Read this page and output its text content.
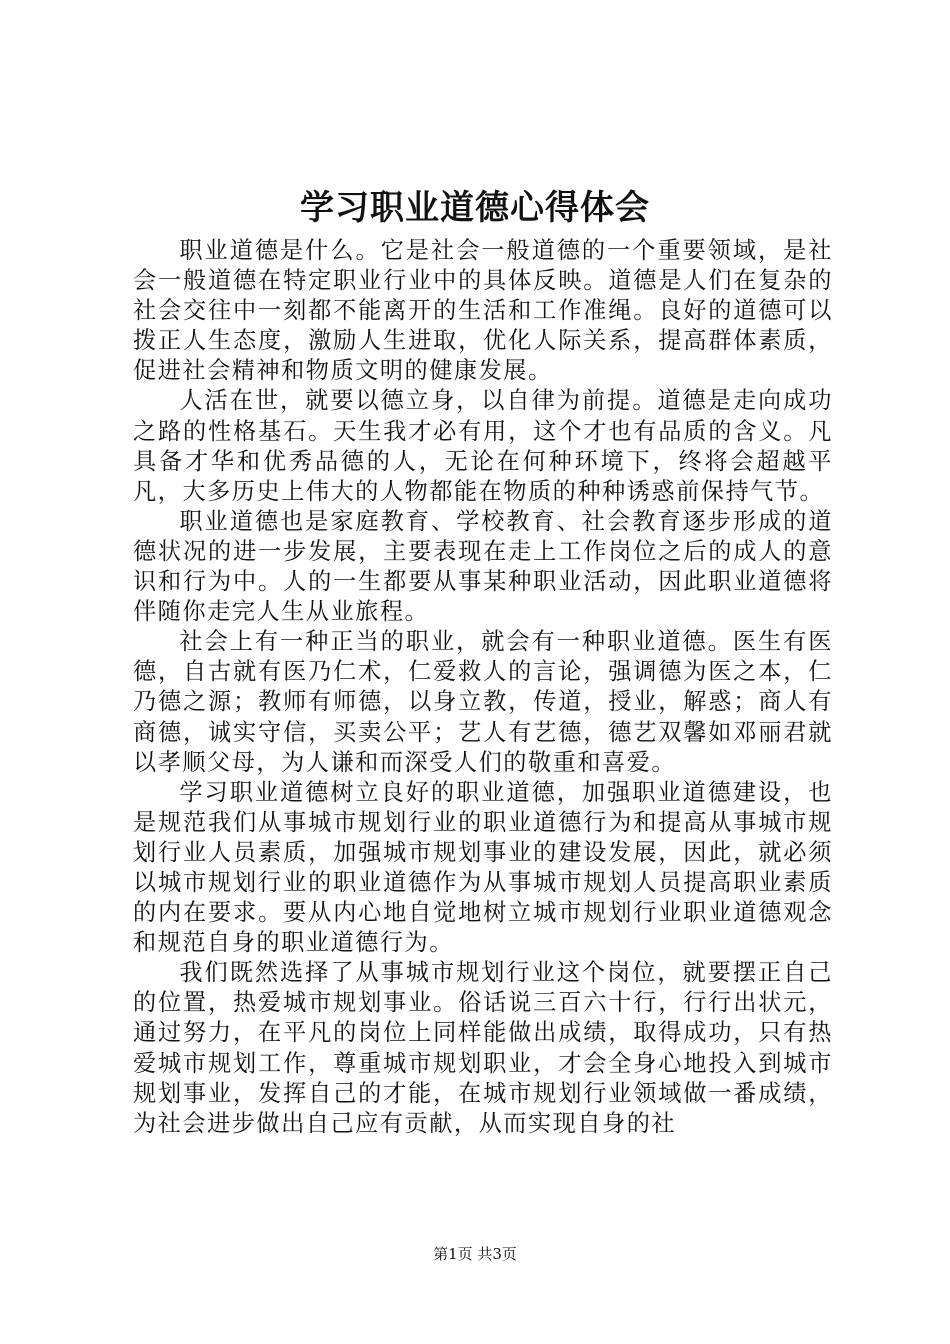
学习职业道德心得体会

职业道德是什么。它是社会一般道德的一个重要领域，是社会一般道德在特定职业行业中的具体反映。道德是人们在复杂的社会交往中一刻都不能离开的生活和工作准绳。良好的道德可以拨正人生态度，激励人生进取，优化人际关系，提高群体素质，促进社会精神和物质文明的健康发展。

人活在世，就要以德立身，以自律为前提。道德是走向成功之路的性格基石。天生我才必有用，这个才也有品质的含义。凡具备才华和优秀品德的人，无论在何种环境下，终将会超越平凡，大多历史上伟大的人物都能在物质的种种诱惑前保持气节。

职业道德也是家庭教育、学校教育、社会教育逐步形成的道德状况的进一步发展，主要表现在走上工作岗位之后的成人的意识和行为中。人的一生都要从事某种职业活动，因此职业道德将伴随你走完人生从业旅程。

社会上有一种正当的职业，就会有一种职业道德。医生有医德，自古就有医乃仁术，仁爱救人的言论，强调德为医之本，仁乃德之源；教师有师德，以身立教，传道，授业，解惑；商人有商德，诚实守信，买卖公平；艺人有艺德，德艺双馨如邓丽君就以孝顺父母，为人谦和而深受人们的敬重和喜爱。

学习职业道德树立良好的职业道德，加强职业道德建设，也是规范我们从事城市规划行业的职业道德行为和提高从事城市规划行业人员素质，加强城市规划事业的建设发展，因此，就必须以城市规划行业的职业道德作为从事城市规划人员提高职业素质的内在要求。要从内心地自觉地树立城市规划行业职业道德观念和规范自身的职业道德行为。

我们既然选择了从事城市规划行业这个岗位，就要摆正自己的位置，热爱城市规划事业。俗话说三百六十行，行行出状元，通过努力，在平凡的岗位上同样能做出成绩，取得成功，只有热爱城市规划工作，尊重城市规划职业，才会全身心地投入到城市规划事业，发挥自己的才能，在城市规划行业领域做一番成绩，为社会进步做出自己应有贡献，从而实现自身的社

第1页 共3页
